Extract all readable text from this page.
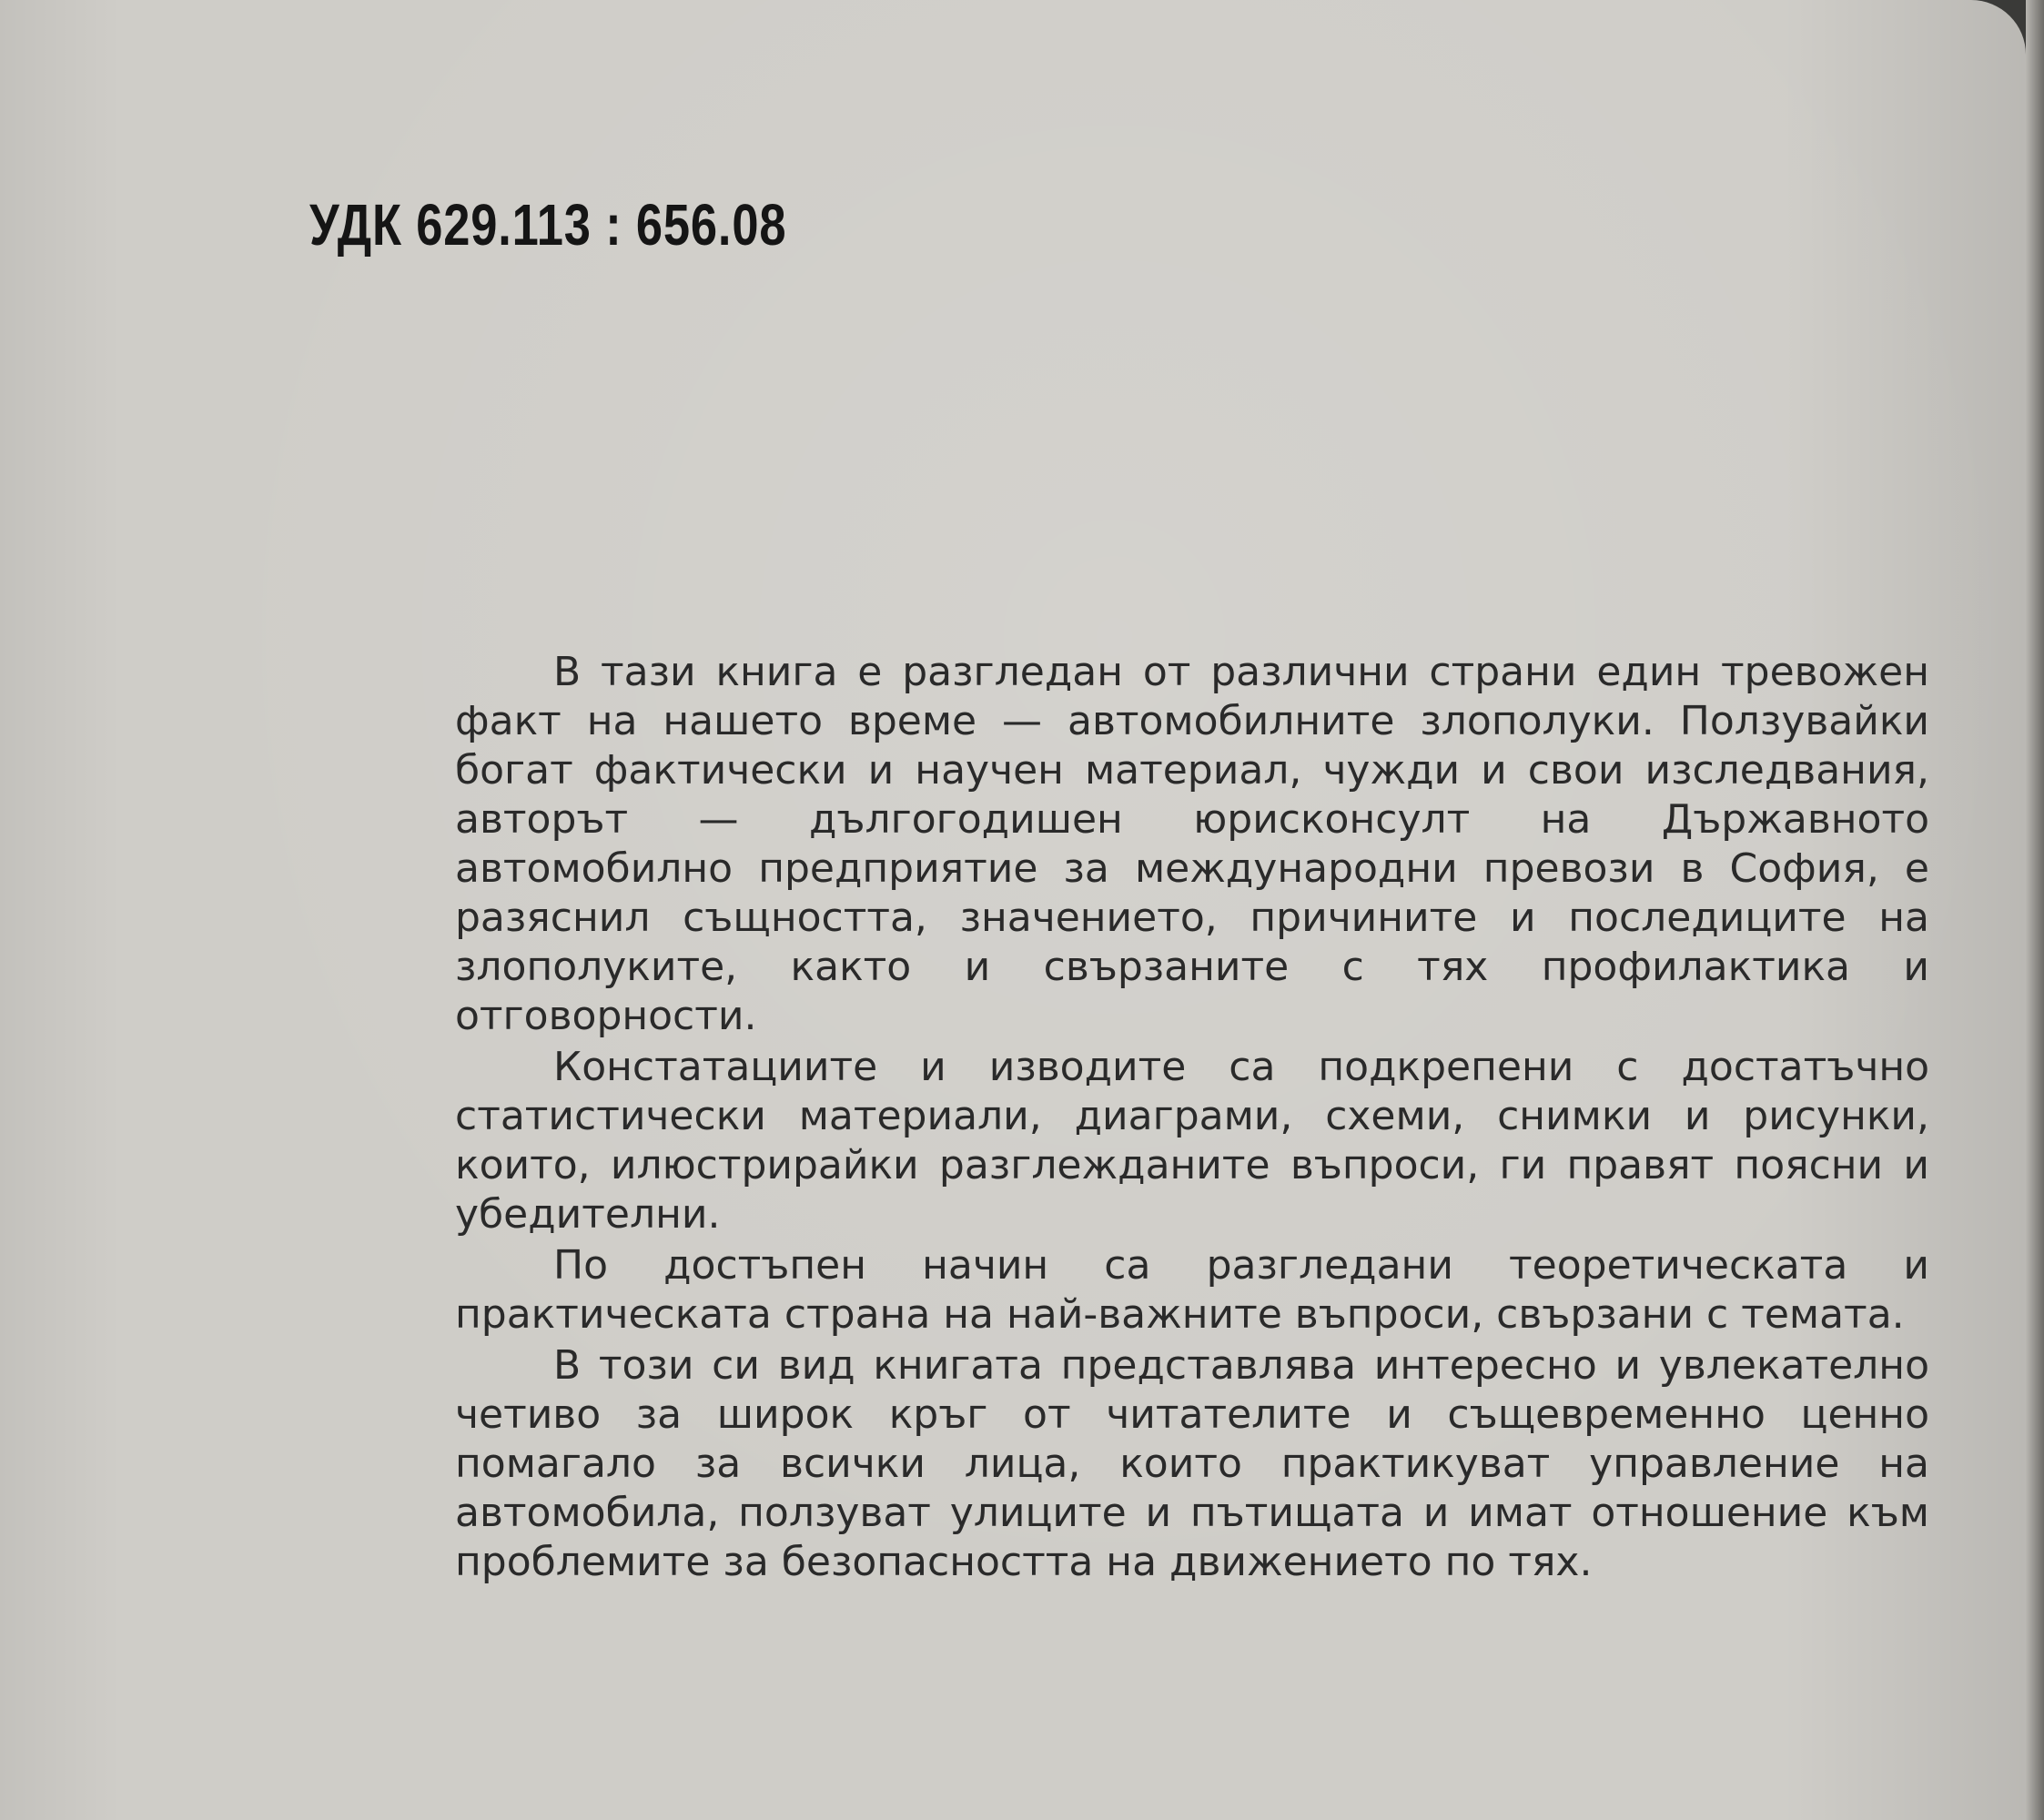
УДК 629.113 : 656.08

В тази книга е разгледан от различни страни един тревожен факт на нашето време — автомобилните злополуки. Ползувайки богат фактически и научен материал, чужди и свои изследвания, авторът — дългогодишен юрисконсулт на Държавното автомобилно предприятие за международни превози в София, е разяснил същността, значението, причините и последиците на злополуките, както и свързаните с тях профилактика и отговорности.

Констатациите и изводите са подкрепени с достатъчно статистически материали, диаграми, схеми, снимки и рисунки, които, илюстрирайки разглежданите въпроси, ги правят поясни и убедителни.

По достъпен начин са разгледани теоретическата и практическата страна на най-важните въпроси, свързани с темата.

В този си вид книгата представлява интересно и увлекателно четиво за широк кръг от читателите и същевременно ценно помагало за всички лица, които практикуват управление на автомобила, ползуват улиците и пътищата и имат отношение към проблемите за безопасността на движението по тях.
